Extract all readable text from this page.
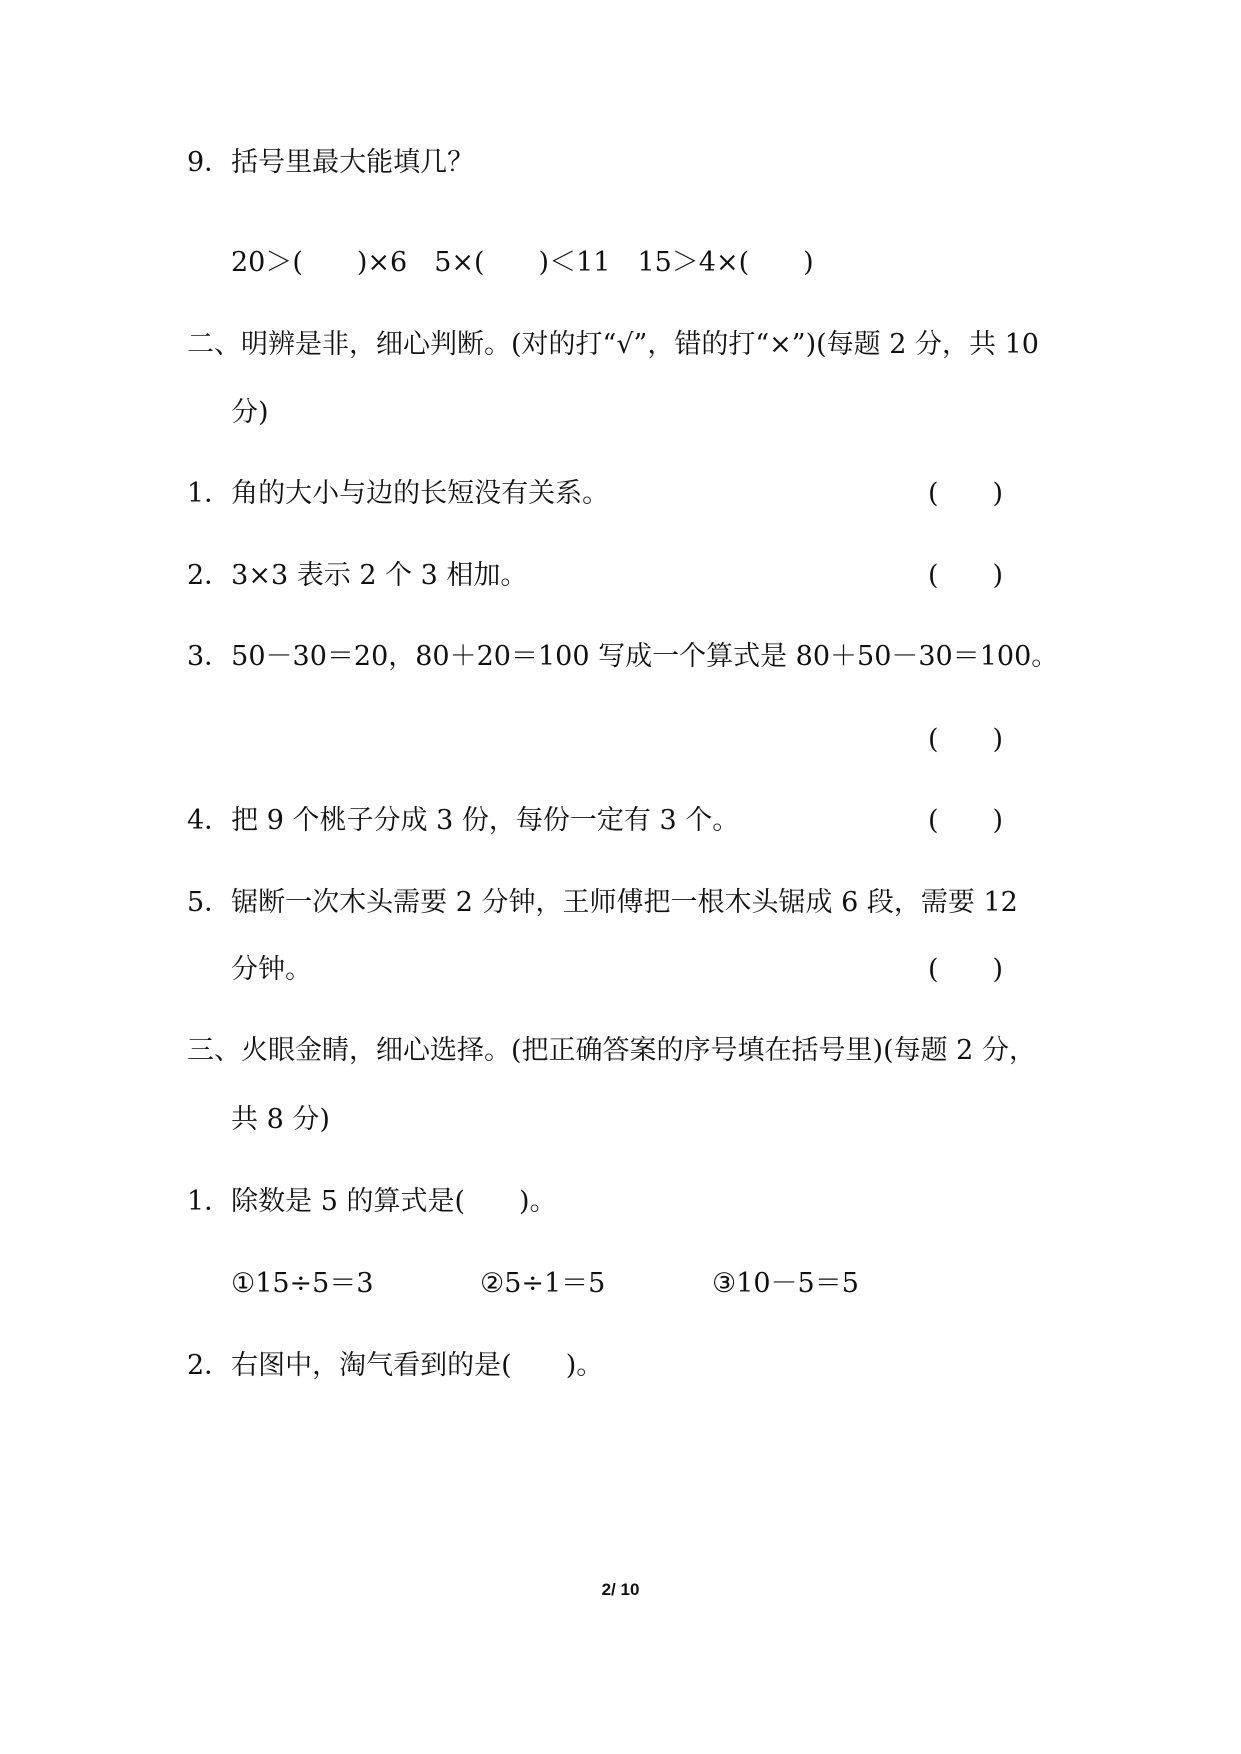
9．括号里最大能填几？
20＞(　　)×6　5×(　　)＜11　15＞4×(　　)
二、明辨是非，细心判断。(对的打“√”，错的打“×”)(每题 2 分，共 10
分)
1．角的大小与边的长短没有关系。	(　　)
2．3×3 表示 2 个 3 相加。	(　　)
3．50－30＝20，80＋20＝100 写成一个算式是 80＋50－30＝100。
(　　)
4．把 9 个桃子分成 3 份，每份一定有 3 个。	(　　)
5．锯断一次木头需要 2 分钟，王师傅把一根木头锯成 6 段，需要 12
分钟。	(　　)
三、火眼金睛，细心选择。(把正确答案的序号填在括号里)(每题 2 分，
共 8 分)
1．除数是 5 的算式是(　　)。
①15÷5＝3	②5÷1＝5	③10－5＝5
2．右图中，淘气看到的是(　　)。
2/ 10
